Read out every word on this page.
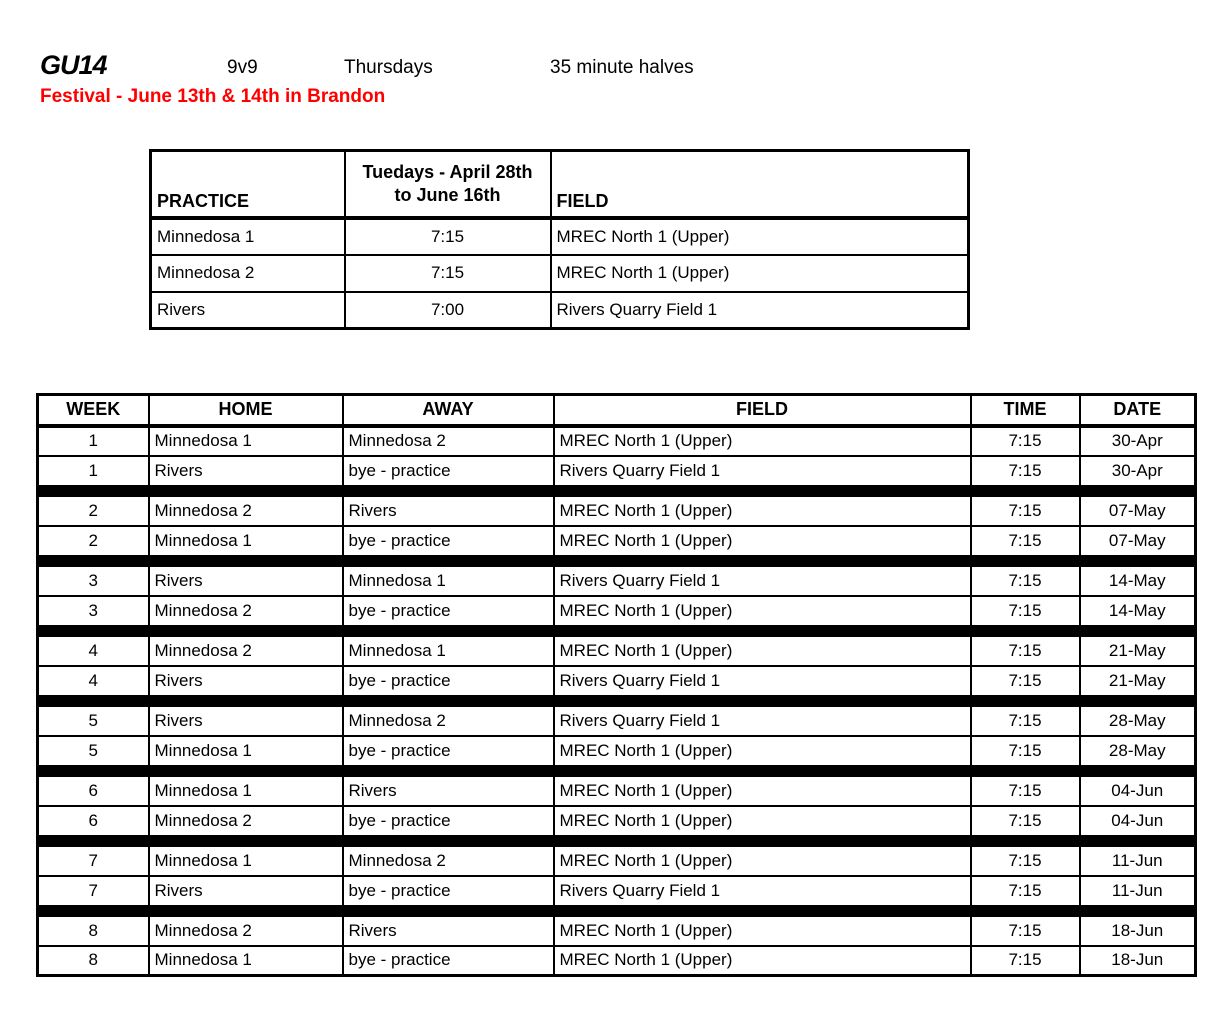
GU14	9v9	Thursdays	35 minute halves
Festival - June 13th & 14th in Brandon
PRACTICE	Tuedays - April 28th to June 16th	FIELD
Minnedosa 1	7:15	MREC North 1 (Upper)
Minnedosa 2	7:15	MREC North 1 (Upper)
Rivers	7:00	Rivers Quarry Field 1
WEEK	HOME	AWAY	FIELD	TIME	DATE
1	Minnedosa 1	Minnedosa 2	MREC North 1 (Upper)	7:15	30-Apr
1	Rivers	bye - practice	Rivers Quarry Field 1	7:15	30-Apr

2	Minnedosa 2	Rivers	MREC North 1 (Upper)	7:15	07-May
2	Minnedosa 1	bye - practice	MREC North 1 (Upper)	7:15	07-May

3	Rivers	Minnedosa 1	Rivers Quarry Field 1	7:15	14-May
3	Minnedosa 2	bye - practice	MREC North 1 (Upper)	7:15	14-May

4	Minnedosa 2	Minnedosa 1	MREC North 1 (Upper)	7:15	21-May
4	Rivers	bye - practice	Rivers Quarry Field 1	7:15	21-May

5	Rivers	Minnedosa 2	Rivers Quarry Field 1	7:15	28-May
5	Minnedosa 1	bye - practice	MREC North 1 (Upper)	7:15	28-May

6	Minnedosa 1	Rivers	MREC North 1 (Upper)	7:15	04-Jun
6	Minnedosa 2	bye - practice	MREC North 1 (Upper)	7:15	04-Jun

7	Minnedosa 1	Minnedosa 2	MREC North 1 (Upper)	7:15	11-Jun
7	Rivers	bye - practice	Rivers Quarry Field 1	7:15	11-Jun

8	Minnedosa 2	Rivers	MREC North 1 (Upper)	7:15	18-Jun
8	Minnedosa 1	bye - practice	MREC North 1 (Upper)	7:15	18-Jun
